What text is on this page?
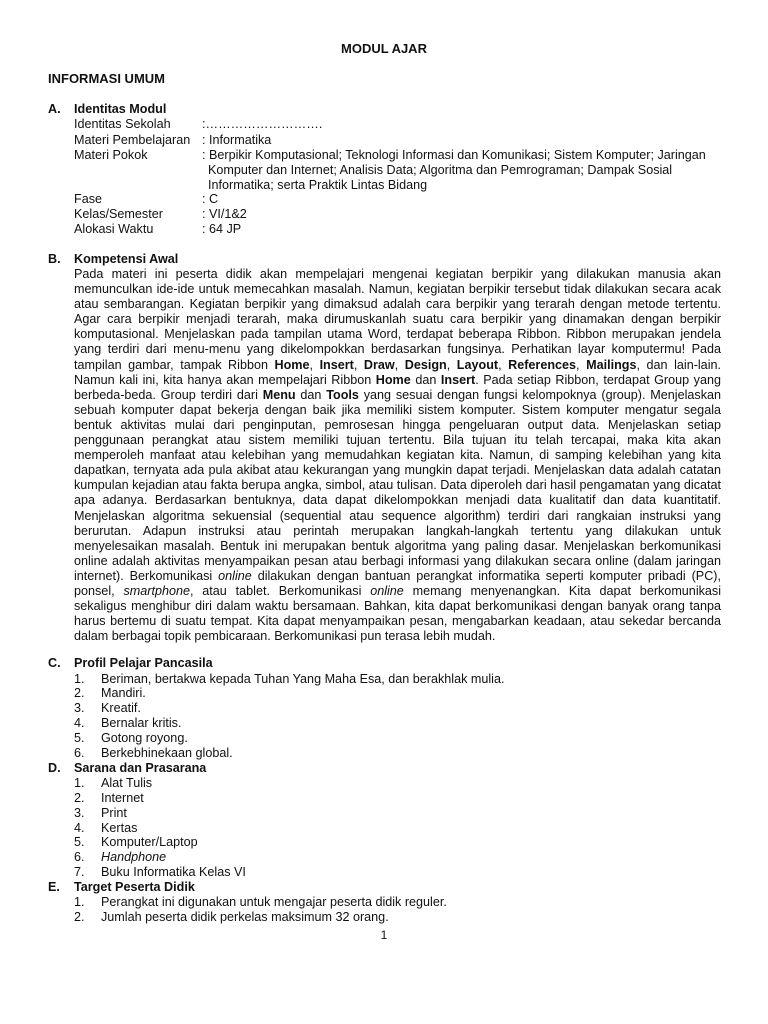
MODUL AJAR
INFORMASI UMUM
A. Identitas Modul
Identitas Sekolah :……………………….
Materi Pembelajaran : Informatika
Materi Pokok	: Berpikir Komputasional; Teknologi Informasi dan Komunikasi; Sistem Komputer; Jaringan
Komputer dan Internet; Analisis Data; Algoritma dan Pemrograman; Dampak Sosial
Informatika; serta Praktik Lintas Bidang
Fase	: C
Kelas/Semester	: VI/1&2
Alokasi Waktu	: 64 JP
B. Kompetensi Awal

Pada materi ini peserta didik akan mempelajari mengenai kegiatan berpikir yang dilakukan manusia akan memunculkan ide-ide untuk memecahkan masalah. Namun, kegiatan berpikir tersebut tidak dilakukan secara acak atau sembarangan. Kegiatan berpikir yang dimaksud adalah cara berpikir yang terarah dengan metode tertentu. Agar cara berpikir menjadi terarah, maka dirumuskanlah suatu cara berpikir yang dinamakan dengan berpikir komputasional. Menjelaskan pada tampilan utama Word, terdapat beberapa Ribbon. Ribbon merupakan jendela yang terdiri dari menu-menu yang dikelompokkan berdasarkan fungsinya. Perhatikan layar komputermu! Pada tampilan gambar, tampak Ribbon Home, Insert, Draw, Design, Layout, References, Mailings, dan lain-lain. Namun kali ini, kita hanya akan mempelajari Ribbon Home dan Insert. Pada setiap Ribbon, terdapat Group yang berbeda-beda. Group terdiri dari Menu dan Tools yang sesuai dengan fungsi kelompoknya (group). Menjelaskan sebuah komputer dapat bekerja dengan baik jika memiliki sistem komputer. Sistem komputer mengatur segala bentuk aktivitas mulai dari penginputan, pemrosesan hingga pengeluaran output data. Menjelaskan setiap penggunaan perangkat atau sistem memiliki tujuan tertentu. Bila tujuan itu telah tercapai, maka kita akan memperoleh manfaat atau kelebihan yang memudahkan kegiatan kita. Namun, di samping kelebihan yang kita dapatkan, ternyata ada pula akibat atau kekurangan yang mungkin dapat terjadi. Menjelaskan data adalah catatan kumpulan kejadian atau fakta berupa angka, simbol, atau tulisan. Data diperoleh dari hasil pengamatan yang dicatat apa adanya. Berdasarkan bentuknya, data dapat dikelompokkan menjadi data kualitatif dan data kuantitatif. Menjelaskan algoritma sekuensial (sequential atau sequence algorithm) terdiri dari rangkaian instruksi yang berurutan. Adapun instruksi atau perintah merupakan langkah-langkah tertentu yang dilakukan untuk menyelesaikan masalah. Bentuk ini merupakan bentuk algoritma yang paling dasar. Menjelaskan berkomunikasi online adalah aktivitas menyampaikan pesan atau berbagi informasi yang dilakukan secara online (dalam jaringan internet). Berkomunikasi online dilakukan dengan bantuan perangkat informatika seperti komputer pribadi (PC), ponsel, smartphone, atau tablet. Berkomunikasi online memang menyenangkan. Kita dapat berkomunikasi sekaligus menghibur diri dalam waktu bersamaan. Bahkan, kita dapat berkomunikasi dengan banyak orang tanpa harus bertemu di suatu tempat. Kita dapat menyampaikan pesan, mengabarkan keadaan, atau sekedar bercanda dalam berbagai topik pembicaraan. Berkomunikasi pun terasa lebih mudah.

C. Profil Pelajar Pancasila
1. Beriman, bertakwa kepada Tuhan Yang Maha Esa, dan berakhlak mulia.
2. Mandiri.
3. Kreatif.
4. Bernalar kritis.
5. Gotong royong.
6. Berkebhinekaan global.
D. Sarana dan Prasarana
1. Alat Tulis
2. Internet
3. Print
4. Kertas
5. Komputer/Laptop
6. Handphone
7. Buku Informatika Kelas VI
E. Target Peserta Didik
1. Perangkat ini digunakan untuk mengajar peserta didik reguler.
2. Jumlah peserta didik perkelas maksimum 32 orang.
1
